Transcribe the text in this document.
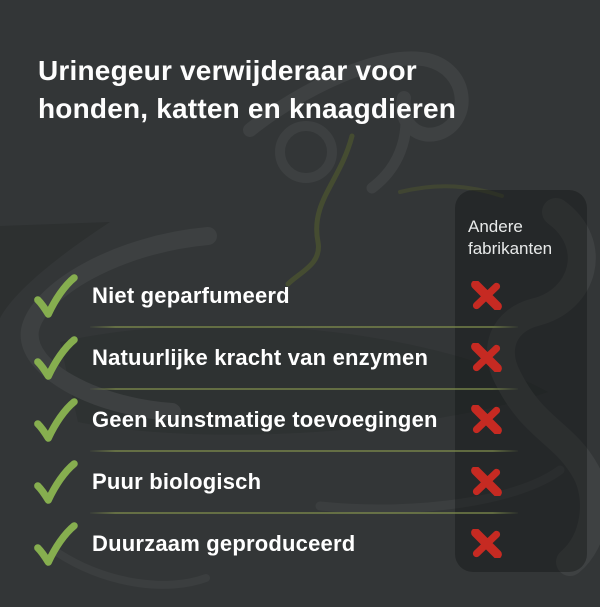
Urinegeur verwijderaar voor
honden, katten en knaagdieren
Andere fabrikanten
Niet geparfumeerd
Natuurlijke kracht van enzymen
Geen kunstmatige toevoegingen
Puur biologisch
Duurzaam geproduceerd
